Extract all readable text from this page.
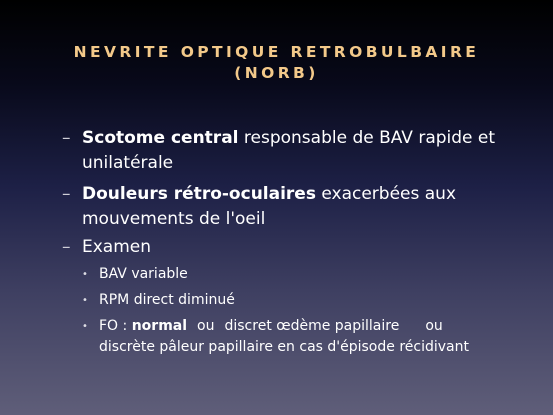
NEVRITE OPTIQUE RETROBULBAIRE
(NORB)
– Scotome central responsable de BAV rapide et unilatérale
– Douleurs rétro-oculaires exacerbées aux mouvements de l'oeil
– Examen
• BAV variable
• RPM direct diminué
• FO : normal ou discret œdème papillaire ou
discrète pâleur papillaire en cas d'épisode récidivant
